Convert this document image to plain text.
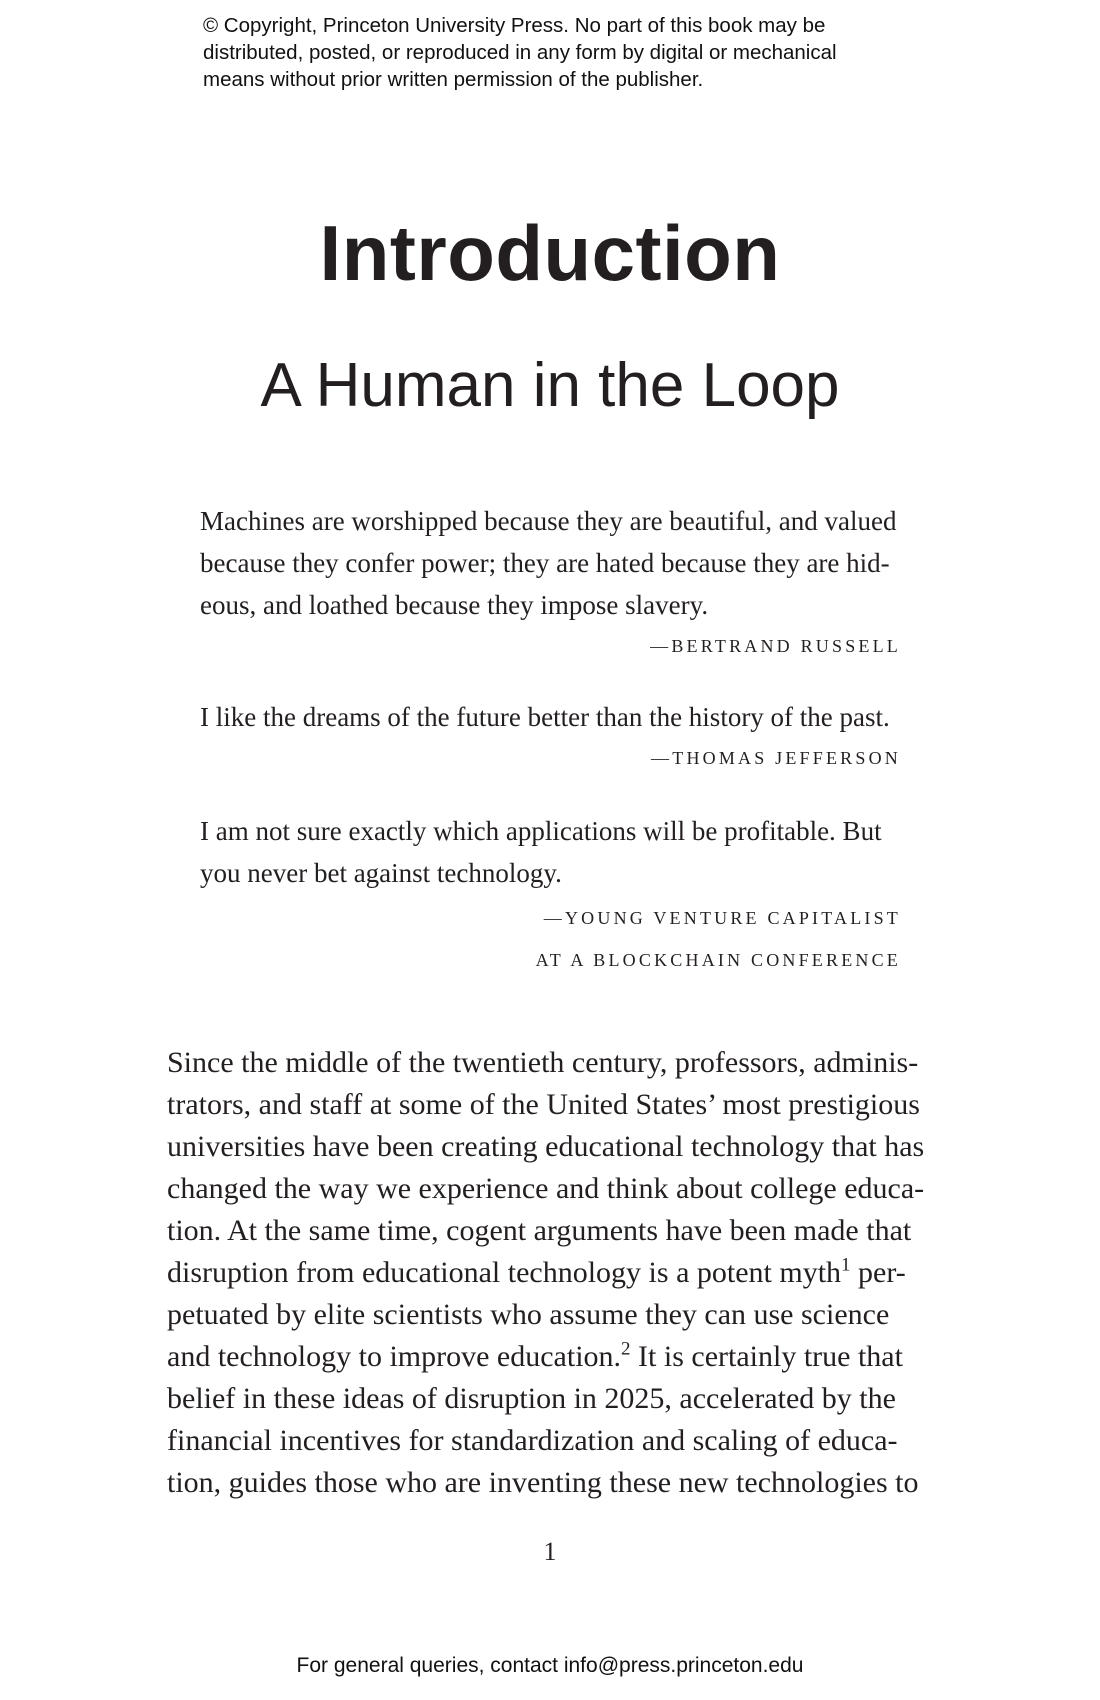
© Copyright, Princeton University Press. No part of this book may be
distributed, posted, or reproduced in any form by digital or mechanical
means without prior written permission of the publisher.
Introduction
A Human in the Loop
Machines are worshipped because they are beautiful, and valued
because they confer power; they are hated because they are hid-
eous, and loathed because they impose slavery.
—BERTRAND RUSSELL
I like the dreams of the future better than the history of the past.
—THOMAS JEFFERSON
I am not sure exactly which applications will be profitable. But
you never bet against technology.
—YOUNG VENTURE CAPITALIST
AT A BLOCKCHAIN CONFERENCE
Since the middle of the twentieth century, professors, adminis-
trators, and staff at some of the United States’ most prestigious
universities have been creating educational technology that has
changed the way we experience and think about college educa-
tion. At the same time, cogent arguments have been made that
disruption from educational technology is a potent myth$^1$ per-
petuated by elite scientists who assume they can use science
and technology to improve education.$^2$ It is certainly true that
belief in these ideas of disruption in 2025, accelerated by the
financial incentives for standardization and scaling of educa-
tion, guides those who are inventing these new technologies to
1
For general queries, contact info@press.princeton.edu
